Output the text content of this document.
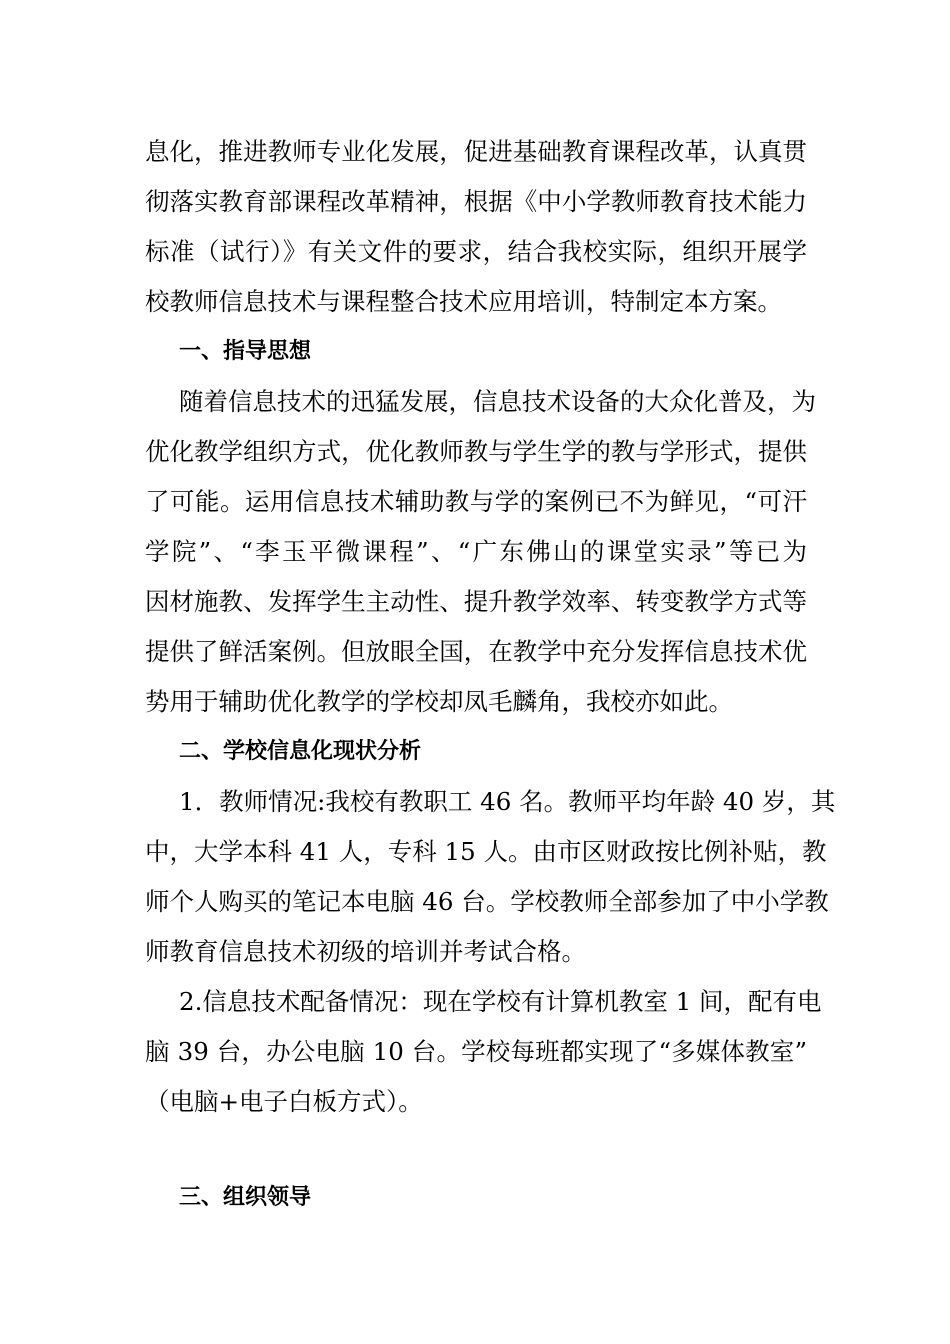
息化，推进教师专业化发展，促进基础教育课程改革，认真贯
彻落实教育部课程改革精神，根据《中小学教师教育技术能力
标准（试行）》有关文件的要求，结合我校实际，组织开展学
校教师信息技术与课程整合技术应用培训，特制定本方案。
一、指导思想
随着信息技术的迅猛发展，信息技术设备的大众化普及，为
优化教学组织方式，优化教师教与学生学的教与学形式，提供
了可能。运用信息技术辅助教与学的案例已不为鲜见，“可汗
学院”、“李玉平微课程”、“广东佛山的课堂实录”等已为
因材施教、发挥学生主动性、提升教学效率、转变教学方式等
提供了鲜活案例。但放眼全国，在教学中充分发挥信息技术优
势用于辅助优化教学的学校却凤毛麟角，我校亦如此。
二、学校信息化现状分析
1．教师情况:我校有教职工 46 名。教师平均年龄 40 岁，其
中，大学本科 41 人，专科 15 人。由市区财政按比例补贴，教
师个人购买的笔记本电脑 46 台。学校教师全部参加了中小学教
师教育信息技术初级的培训并考试合格。
2.信息技术配备情况：现在学校有计算机教室 1 间，配有电
脑 39 台，办公电脑 10 台。学校每班都实现了“多媒体教室”
（电脑+电子白板方式）。
三、组织领导
